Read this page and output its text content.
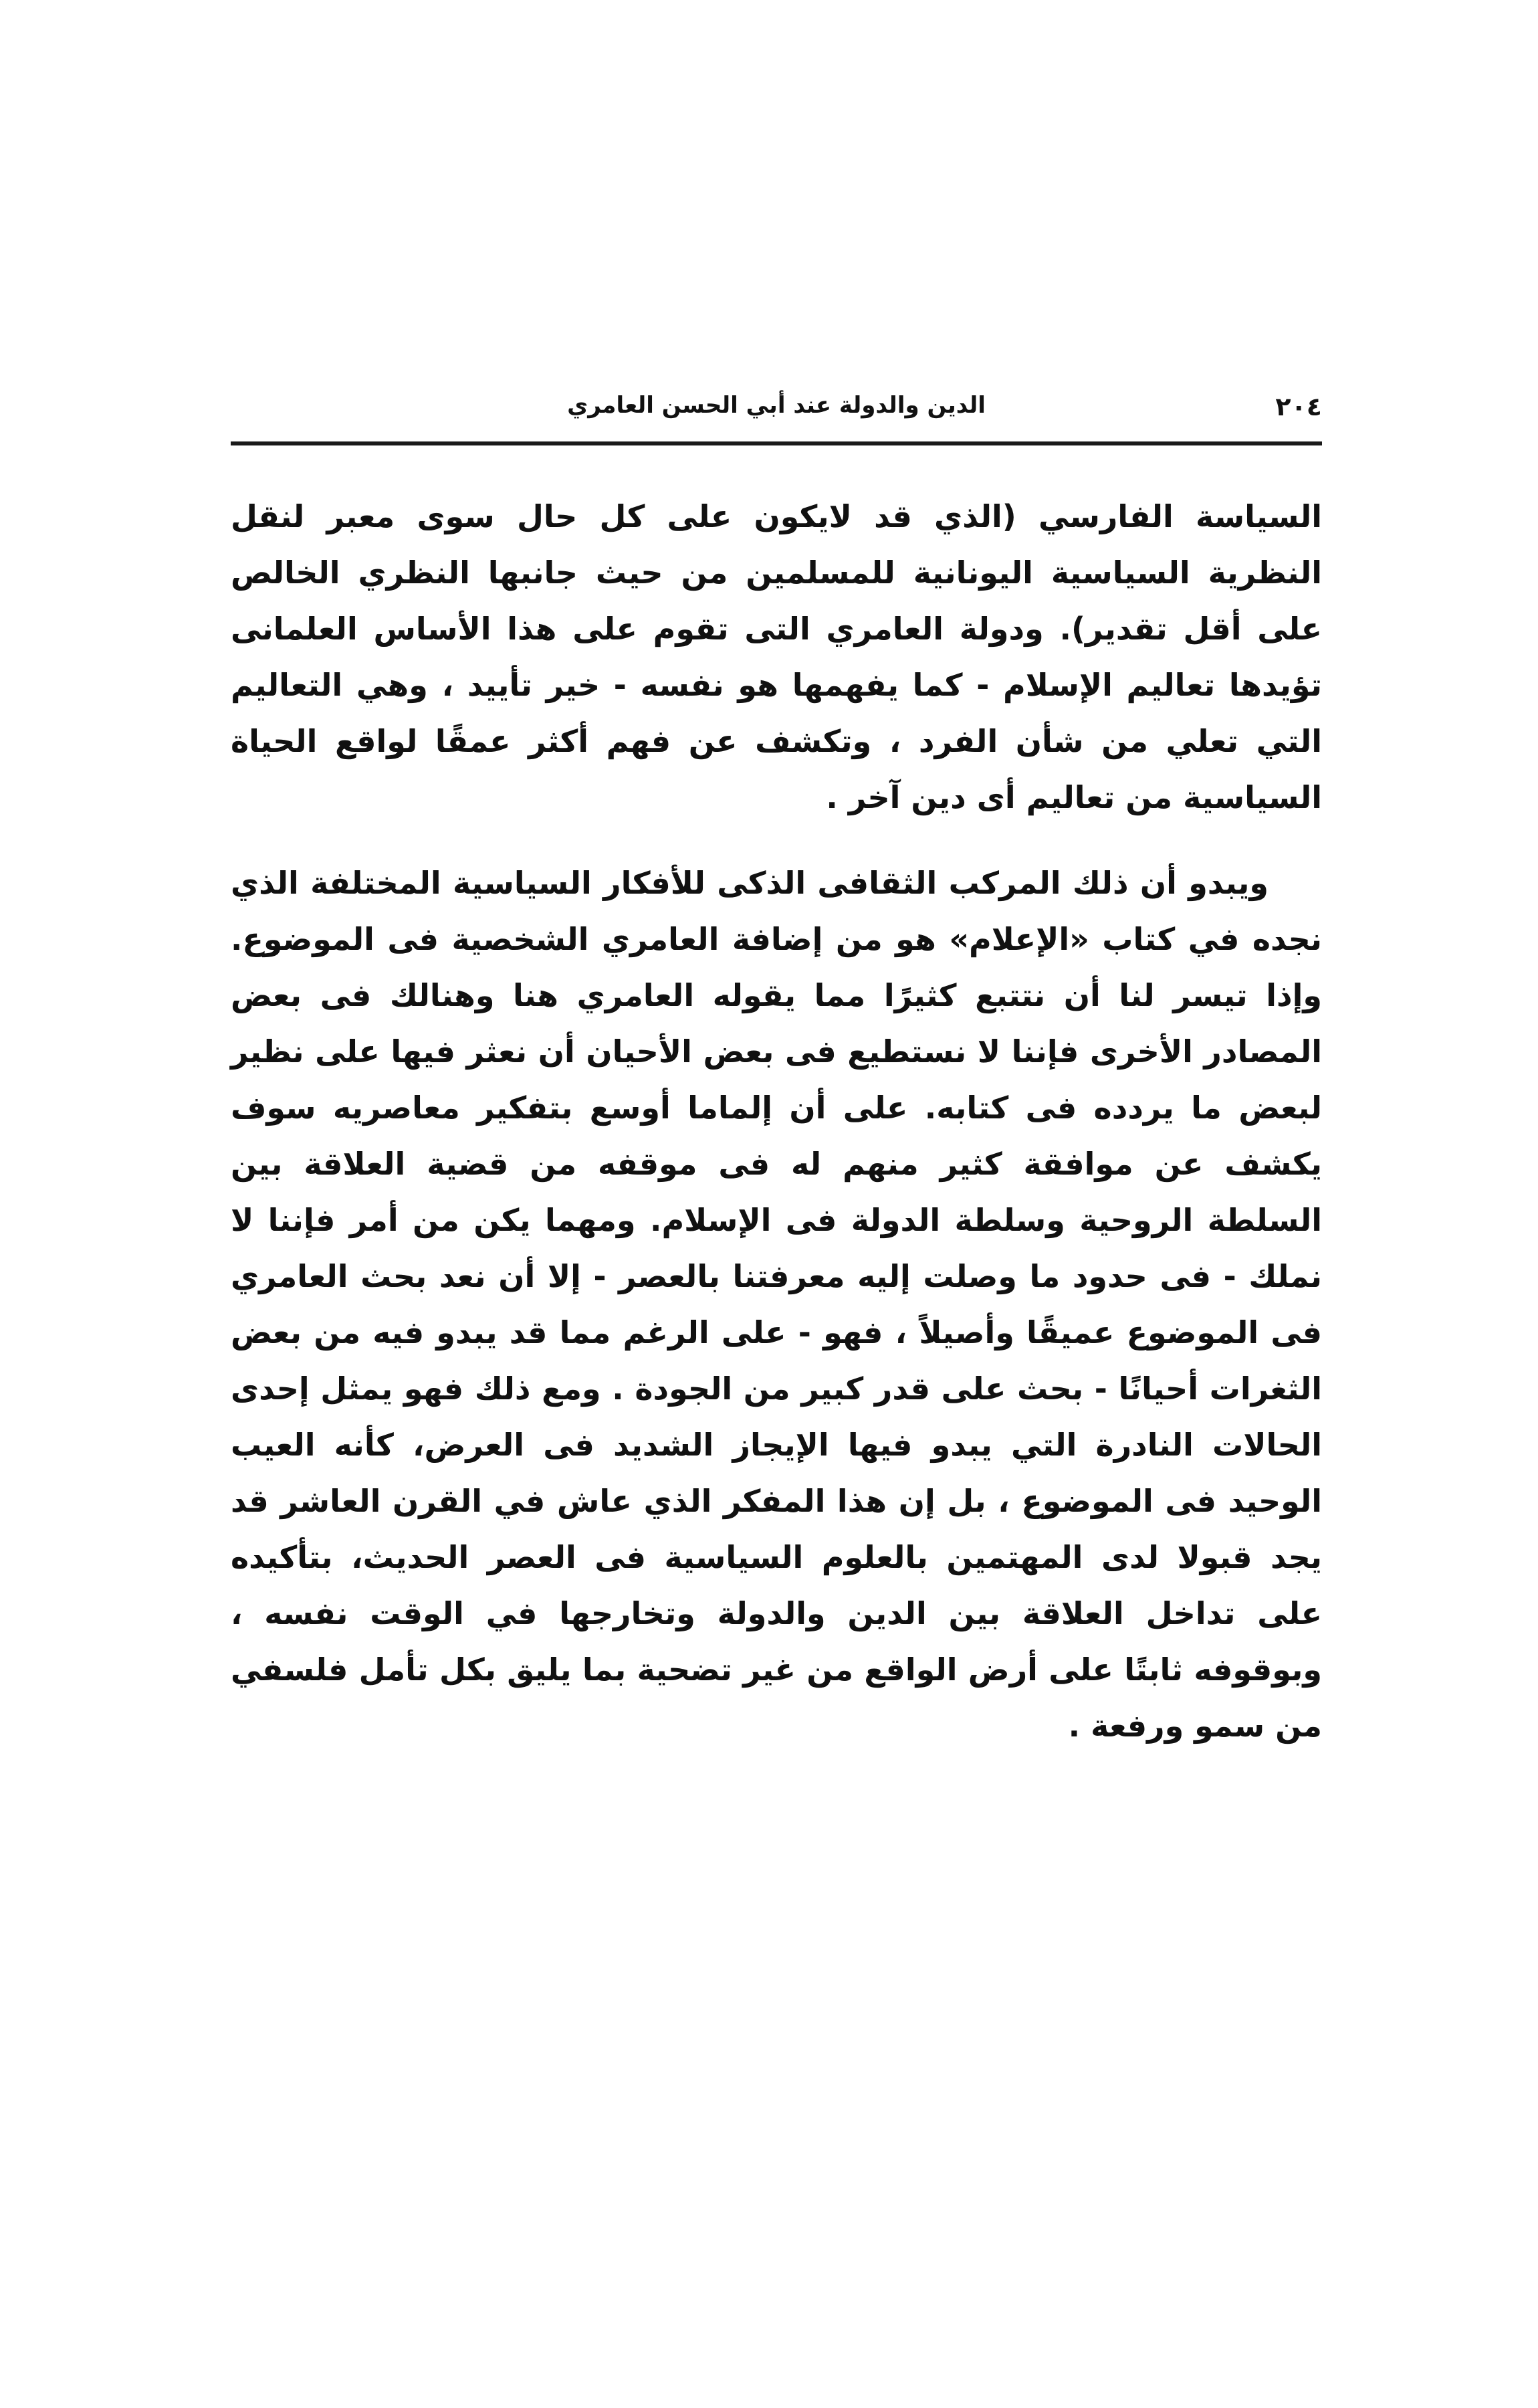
٢٠٤
الدين والدولة عند أبي الحسن العامري

السياسة الفارسي (الذي قد لايكون على كل حال سوى معبر لنقل النظرية السياسية اليونانية للمسلمين من حيث جانبها النظري الخالص على أقل تقدير). ودولة العامري التى تقوم على هذا الأساس العلمانى تؤيدها تعاليم الإسلام - كما يفهمها هو نفسه - خير تأييد ، وهي التعاليم التي تعلي من شأن الفرد ، وتكشف عن فهم أكثر عمقًا لواقع الحياة السياسية من تعاليم أى دين آخر .

ويبدو أن ذلك المركب الثقافى الذكى للأفكار السياسية المختلفة الذي نجده في كتاب «الإعلام» هو من إضافة العامري الشخصية فى الموضوع. وإذا تيسر لنا أن نتتبع كثيرًا مما يقوله العامري هنا وهنالك فى بعض المصادر الأخرى فإننا لا نستطيع فى بعض الأحيان أن نعثر فيها على نظير لبعض ما يردده فى كتابه. على أن إلماما أوسع بتفكير معاصريه سوف يكشف عن موافقة كثير منهم له فى موقفه من قضية العلاقة بين السلطة الروحية وسلطة الدولة فى الإسلام. ومهما يكن من أمر فإننا لا نملك - فى حدود ما وصلت إليه معرفتنا بالعصر - إلا أن نعد بحث العامري فى الموضوع عميقًا وأصيلاً ، فهو - على الرغم مما قد يبدو فيه من بعض الثغرات أحيانًا - بحث على قدر كبير من الجودة . ومع ذلك فهو يمثل إحدى الحالات النادرة التي يبدو فيها الإيجاز الشديد فى العرض، كأنه العيب الوحيد فى الموضوع ، بل إن هذا المفكر الذي عاش في القرن العاشر قد يجد قبولا لدى المهتمين بالعلوم السياسية فى العصر الحديث، بتأكيده على تداخل العلاقة بين الدين والدولة وتخارجها في الوقت نفسه ، وبوقوفه ثابتًا على أرض الواقع من غير تضحية بما يليق بكل تأمل فلسفي من سمو ورفعة .
